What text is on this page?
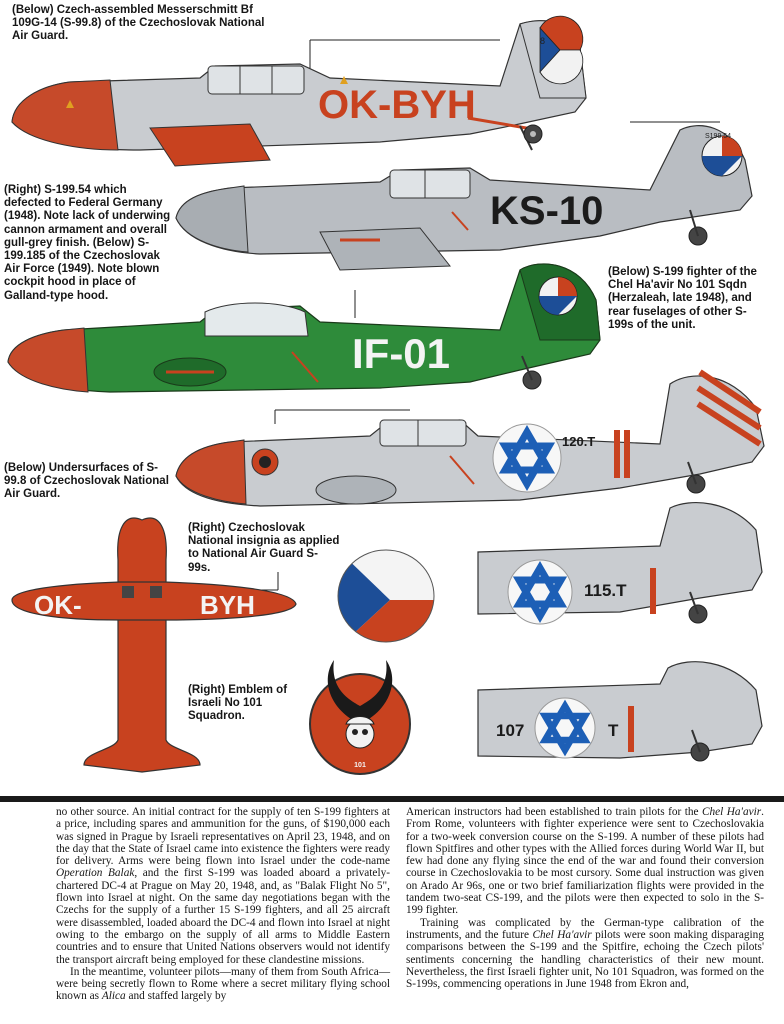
OK-BYH
8
KS-10
S199.54
IF-01
120.T
OK-	BYH
101
115.T
107	T

(Below) Czech-assembled Messerschmitt Bf 109G-14 (S-99.8) of the Czechoslovak National Air Guard.

(Right) S-199.54 which defected to Federal Germany (1948). Note lack of underwing cannon armament and overall gull-grey finish. (Below) S-199.185 of the Czechoslovak Air Force (1949). Note blown cockpit hood in place of Galland-type hood.

(Below) S-199 fighter of the Chel Ha'avir No 101 Sqdn (Herzaleah, late 1948), and rear fuselages of other S-199s of the unit.

(Below) Undersurfaces of S-99.8 of Czechoslovak National Air Guard.

(Right) Czechoslovak National insignia as applied to National Air Guard S-99s.

(Right) Emblem of Israeli No 101 Squadron.

no other source. An initial contract for the supply of ten S-199 fighters at a price, including spares and ammunition for the guns, of $190,000 each was signed in Prague by Israeli representatives on April 23, 1948, and on the day that the State of Israel came into existence the fighters were ready for delivery. Arms were being flown into Israel under the code-name Operation Balak, and the first S-199 was loaded aboard a privately-chartered DC-4 at Prague on May 20, 1948, and, as "Balak Flight No 5", flown into Israel at night. On the same day negotiations began with the Czechs for the supply of a further 15 S-199 fighters, and all 25 aircraft were disassembled, loaded aboard the DC-4 and flown into Israel at night owing to the embargo on the supply of all arms to Middle Eastern countries and to ensure that United Nations observers would not identify the transport aircraft being employed for these clandestine missions.

In the meantime, volunteer pilots—many of them from South Africa—were being secretly flown to Rome where a secret military flying school known as Alica and staffed largely by

American instructors had been established to train pilots for the Chel Ha'avir. From Rome, volunteers with fighter experience were sent to Czechoslovakia for a two-week conversion course on the S-199. A number of these pilots had flown Spitfires and other types with the Allied forces during World War II, but few had done any flying since the end of the war and found their conversion course in Czechoslovakia to be most cursory. Some dual instruction was given on Arado Ar 96s, one or two brief familiarization flights were provided in the tandem two-seat CS-199, and the pilots were then expected to solo in the S-199 fighter.

Training was complicated by the German-type calibration of the instruments, and the future Chel Ha'avir pilots were soon making disparaging comparisons between the S-199 and the Spitfire, echoing the Czech pilots' sentiments concerning the handling characteristics of their new mount. Nevertheless, the first Israeli fighter unit, No 101 Squadron, was formed on the S-199s, commencing operations in June 1948 from Ekron and,
